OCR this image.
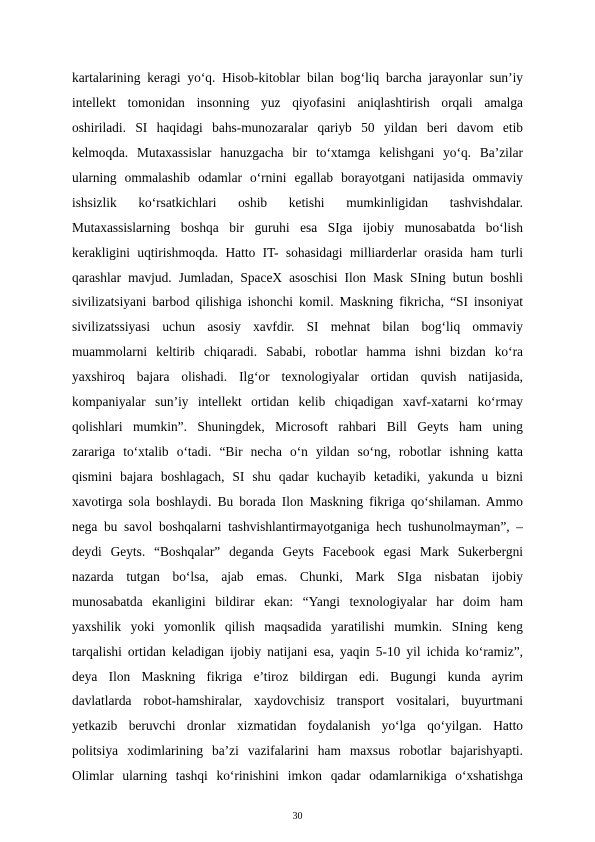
kartalarining keragi yo‘q. Hisob-kitoblar bilan bog‘liq barcha jarayonlar sun’iy
intellekt tomonidan insonning yuz qiyofasini aniqlashtirish orqali amalga
oshiriladi. SI haqidagi bahs-munozaralar qariyb 50 yildan beri davom etib
kelmoqda. Mutaxassislar hanuzgacha bir to‘xtamga kelishgani yo‘q. Ba’zilar
ularning ommalashib odamlar o‘rnini egallab borayotgani natijasida ommaviy
ishsizlik ko‘rsatkichlari oshib ketishi mumkinligidan tashvishdalar.
Mutaxassislarning boshqa bir guruhi esa SIga ijobiy munosabatda bo‘lish
kerakligini uqtirishmoqda. Hatto IT- sohasidagi milliarderlar orasida ham turli
qarashlar mavjud. Jumladan, SpaceX asoschisi Ilon Mask SIning butun boshli
sivilizatsiyani barbod qilishiga ishonchi komil. Maskning fikricha, “SI insoniyat
sivilizatssiyasi uchun asosiy xavfdir. SI mehnat bilan bog‘liq ommaviy
muammolarni keltirib chiqaradi. Sababi, robotlar hamma ishni bizdan ko‘ra
yaxshiroq bajara olishadi. Ilg‘or texnologiyalar ortidan quvish natijasida,
kompaniyalar sun’iy intellekt ortidan kelib chiqadigan xavf-xatarni ko‘rmay
qolishlari mumkin”. Shuningdek, Microsoft rahbari Bill Geyts ham uning
zarariga to‘xtalib o‘tadi. “Bir necha o‘n yildan so‘ng, robotlar ishning katta
qismini bajara boshlagach, SI shu qadar kuchayib ketadiki, yakunda u bizni
xavotirga sola boshlaydi. Bu borada Ilon Maskning fikriga qo‘shilaman. Ammo
nega bu savol boshqalarni tashvishlantirmayotganiga hech tushunolmayman”, –
deydi Geyts. “Boshqalar” deganda Geyts Facebook egasi Mark Sukerbergni
nazarda tutgan bo‘lsa, ajab emas. Chunki, Mark SIga nisbatan ijobiy
munosabatda ekanligini bildirar ekan: “Yangi texnologiyalar har doim ham
yaxshilik yoki yomonlik qilish maqsadida yaratilishi mumkin. SIning keng
tarqalishi ortidan keladigan ijobiy natijani esa, yaqin 5-10 yil ichida ko‘ramiz”,
deya Ilon Maskning fikriga e’tiroz bildirgan edi. Bugungi kunda ayrim
davlatlarda robot-hamshiralar, xaydovchisiz transport vositalari, buyurtmani
yetkazib beruvchi dronlar xizmatidan foydalanish yo‘lga qo‘yilgan. Hatto
politsiya xodimlarining ba’zi vazifalarini ham maxsus robotlar bajarishyapti.
Olimlar ularning tashqi ko‘rinishini imkon qadar odamlarnikiga o‘xshatishga
30
